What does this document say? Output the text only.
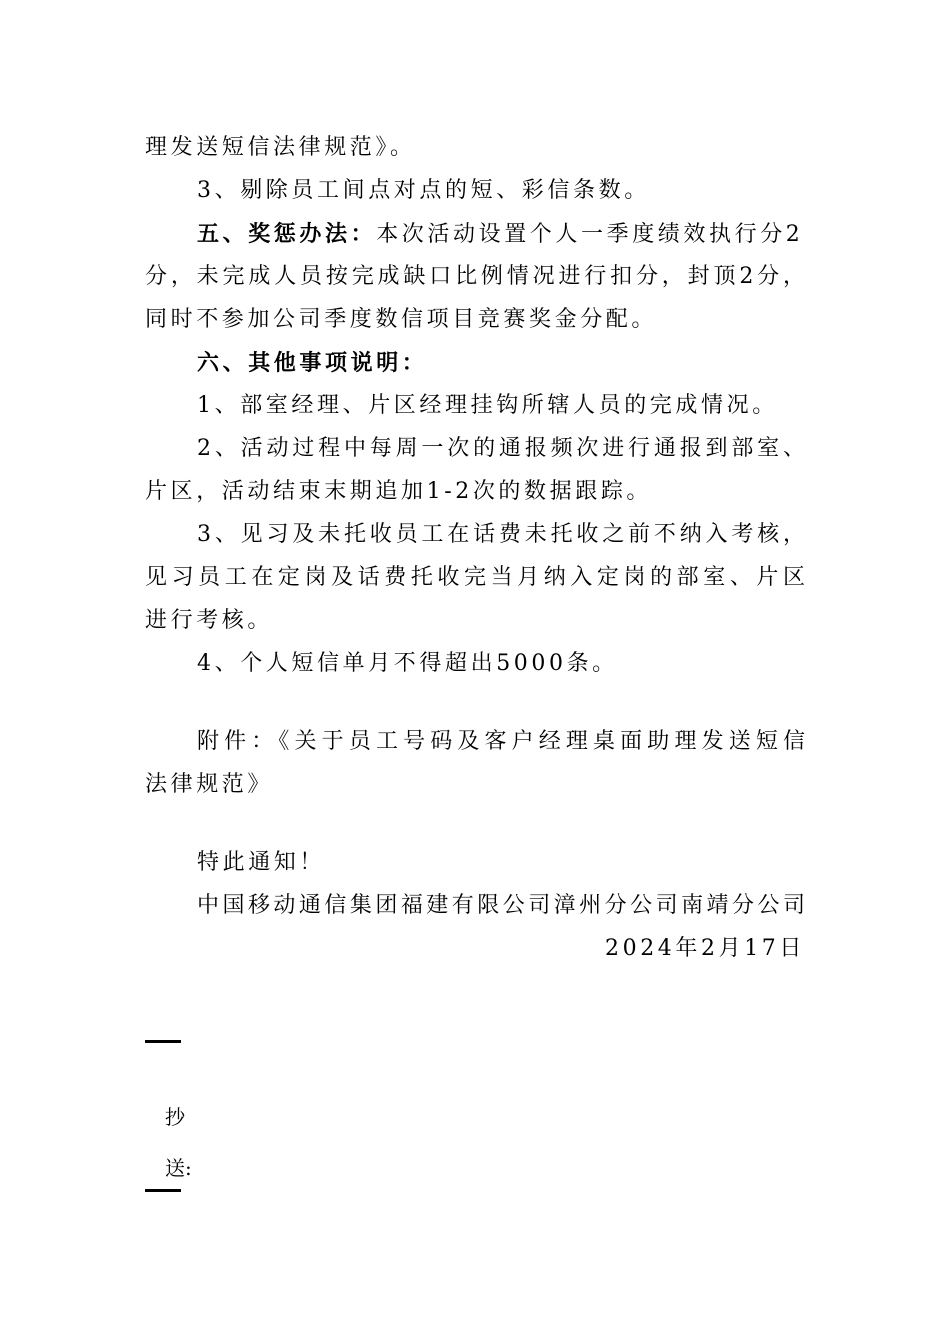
理发送短信法律规范》。
3、剔除员工间点对点的短、彩信条数。
五、奖惩办法：本次活动设置个人一季度绩效执行分2
分，未完成人员按完成缺口比例情况进行扣分，封顶2分，
同时不参加公司季度数信项目竞赛奖金分配。
六、其他事项说明：
1、部室经理、片区经理挂钩所辖人员的完成情况。
2、活动过程中每周一次的通报频次进行通报到部室、
片区，活动结束末期追加1-2次的数据跟踪。
3、见习及未托收员工在话费未托收之前不纳入考核，
见习员工在定岗及话费托收完当月纳入定岗的部室、片区
进行考核。
4、个人短信单月不得超出5000条。
附件：《关于员工号码及客户经理桌面助理发送短信
法律规范》
特此通知！
中国移动通信集团福建有限公司漳州分公司南靖分公司
2024年2月17日
抄
送:
